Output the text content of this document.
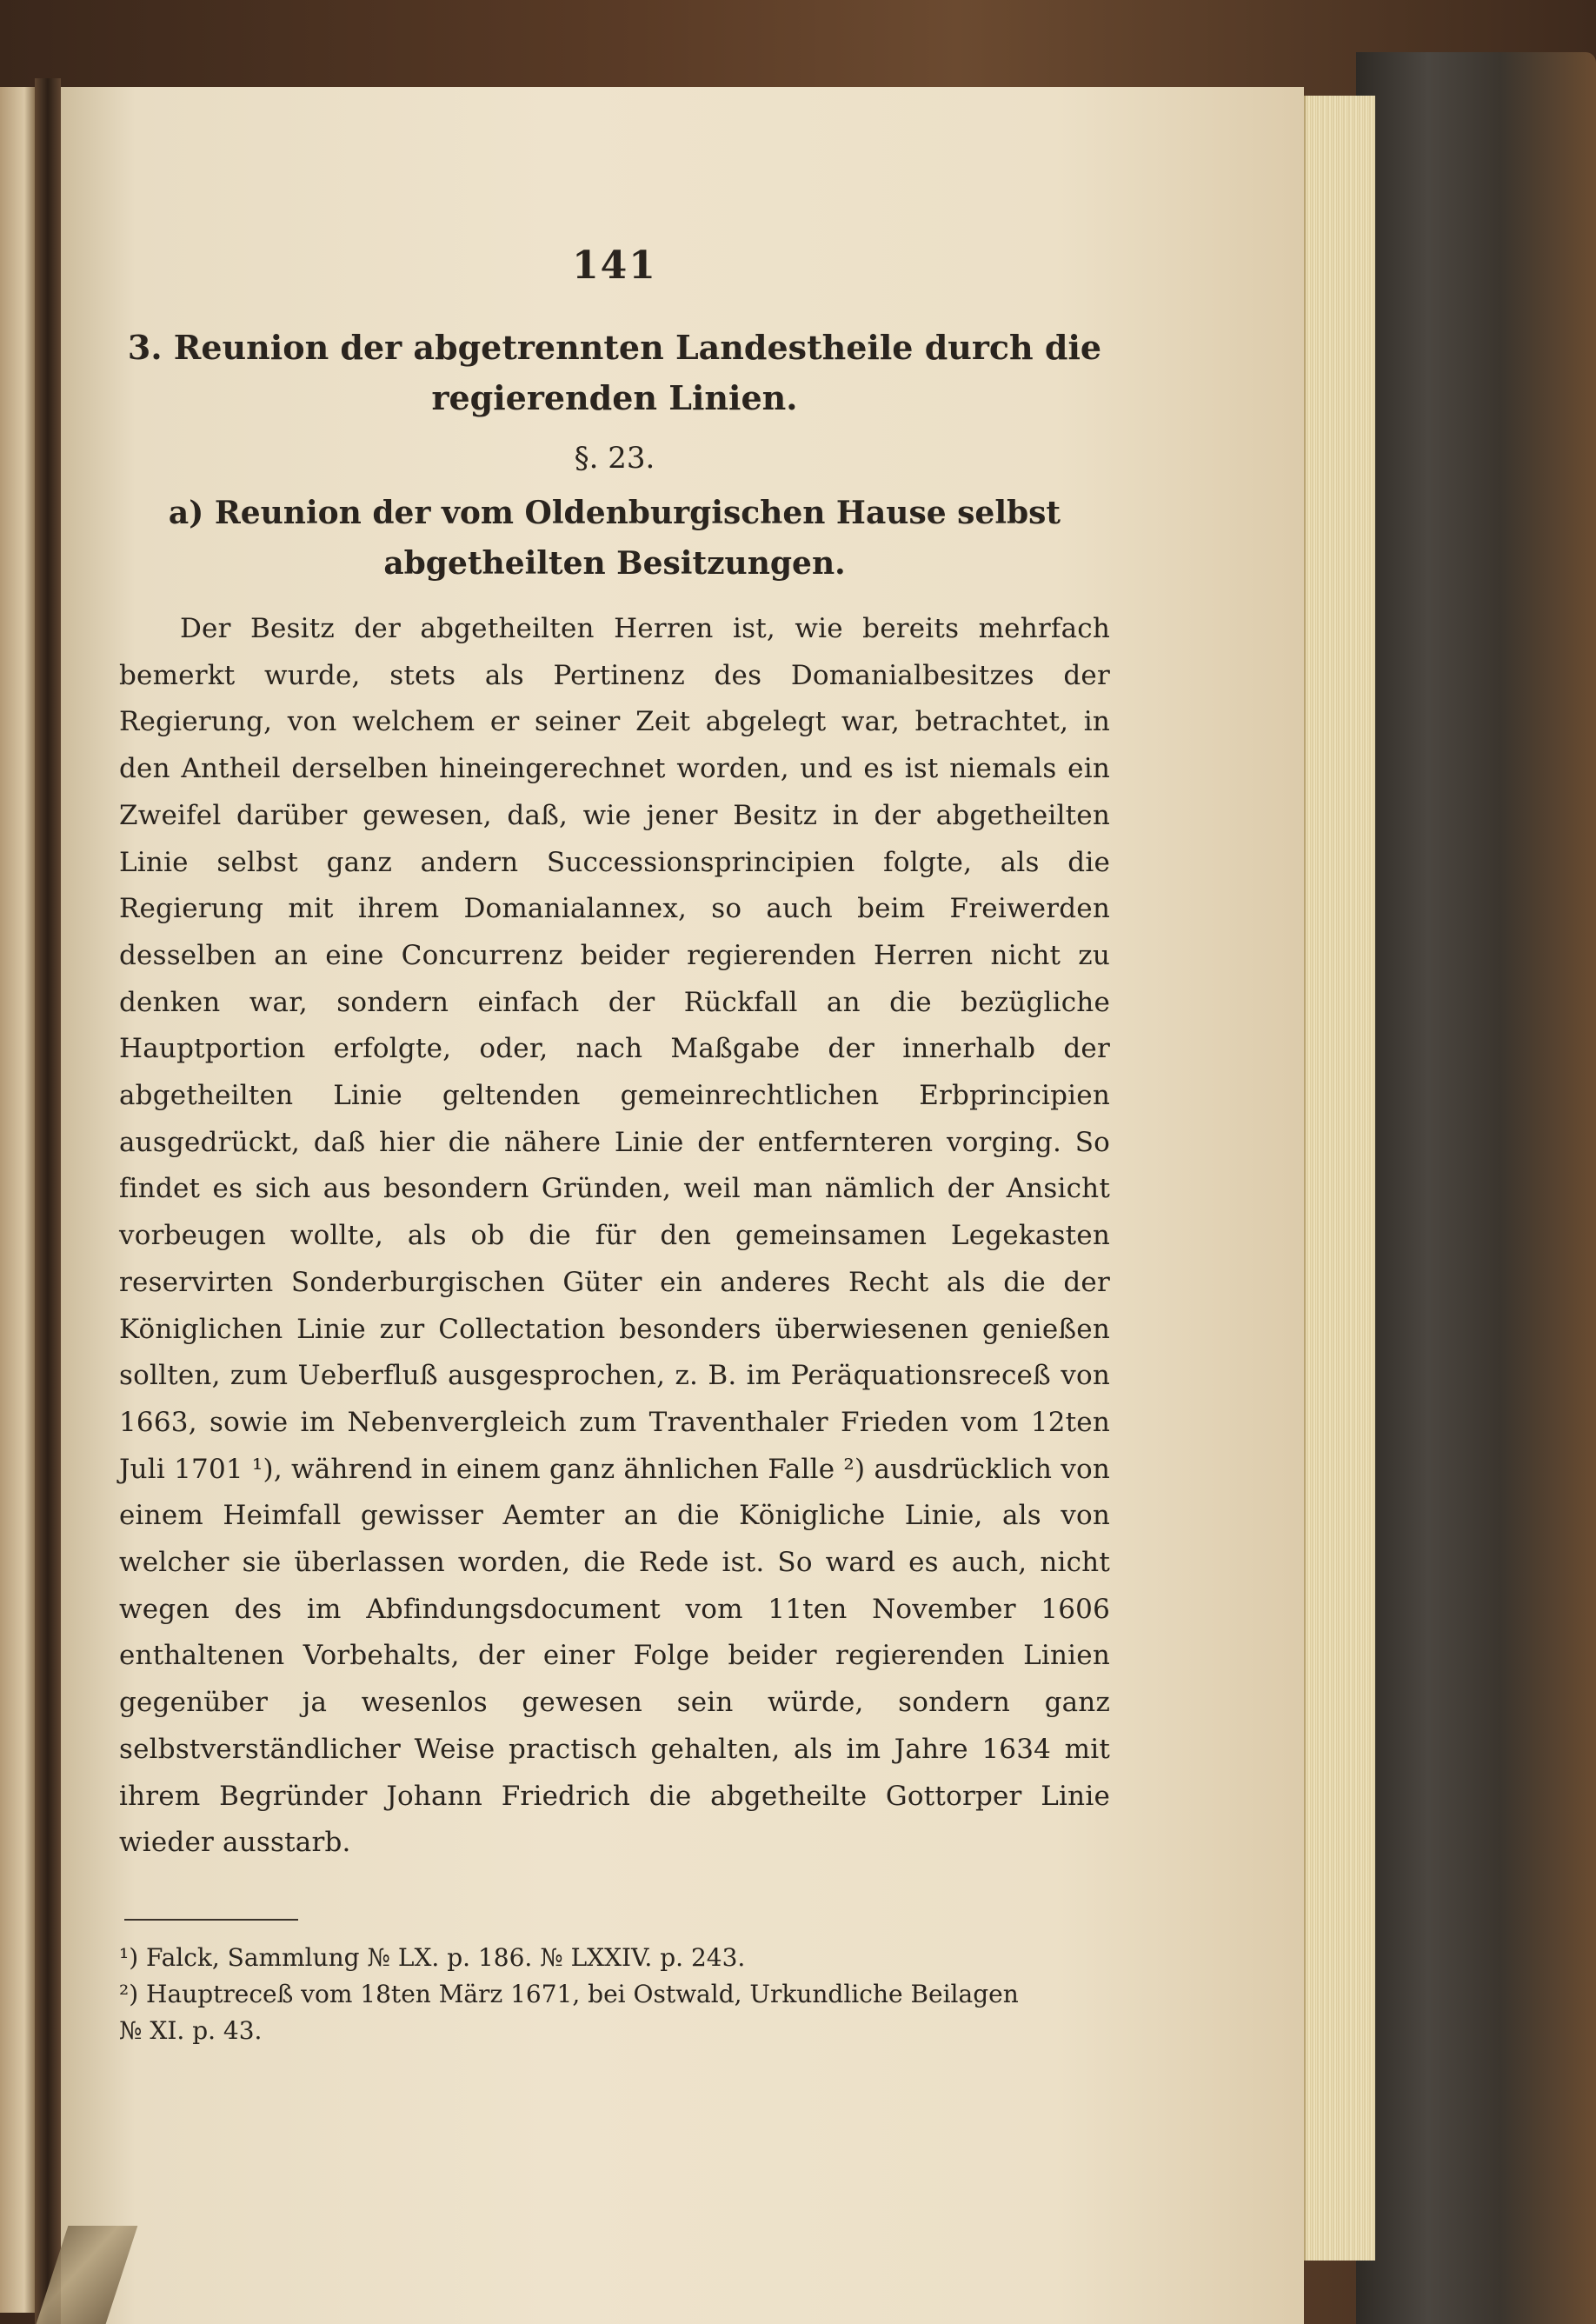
141
3. Reunion der abgetrennten Landestheile durch die regierenden Linien.
§. 23.
a) Reunion der vom Oldenburgischen Hause selbst abgetheilten Besitzungen.

Der Besitz der abgetheilten Herren ist, wie bereits mehrfach bemerkt wurde, stets als Pertinenz des Domanialbesitzes der Regierung, von welchem er seiner Zeit abgelegt war, betrachtet, in den Antheil derselben hineingerechnet worden, und es ist niemals ein Zweifel darüber gewesen, daß, wie jener Besitz in der abgetheilten Linie selbst ganz andern Successionsprincipien folgte, als die Regierung mit ihrem Domanialannex, so auch beim Freiwerden desselben an eine Concurrenz beider regierenden Herren nicht zu denken war, sondern einfach der Rückfall an die bezügliche Hauptportion erfolgte, oder, nach Maßgabe der innerhalb der abgetheilten Linie geltenden gemeinrechtlichen Erbprincipien ausgedrückt, daß hier die nähere Linie der entfernteren vorging. So findet es sich aus besondern Gründen, weil man nämlich der Ansicht vorbeugen wollte, als ob die für den gemeinsamen Legekasten reservirten Sonderburgischen Güter ein anderes Recht als die der Königlichen Linie zur Collectation besonders überwiesenen genießen sollten, zum Ueberfluß ausgesprochen, z. B. im Peräquationsreceß von 1663, sowie im Nebenvergleich zum Traventhaler Frieden vom 12ten Juli 1701 ¹), während in einem ganz ähnlichen Falle ²) ausdrücklich von einem Heimfall gewisser Aemter an die Königliche Linie, als von welcher sie überlassen worden, die Rede ist. So ward es auch, nicht wegen des im Abfindungsdocument vom 11ten November 1606 enthaltenen Vorbehalts, der einer Folge beider regierenden Linien gegenüber ja wesenlos gewesen sein würde, sondern ganz selbstverständlicher Weise practisch gehalten, als im Jahre 1634 mit ihrem Begründer Johann Friedrich die abgetheilte Gottorper Linie wieder ausstarb.

¹) Falck, Sammlung № LX. p. 186. № LXXIV. p. 243.

²) Hauptreceß vom 18ten März 1671, bei Ostwald, Urkundliche Beilagen

№ XI. p. 43.
